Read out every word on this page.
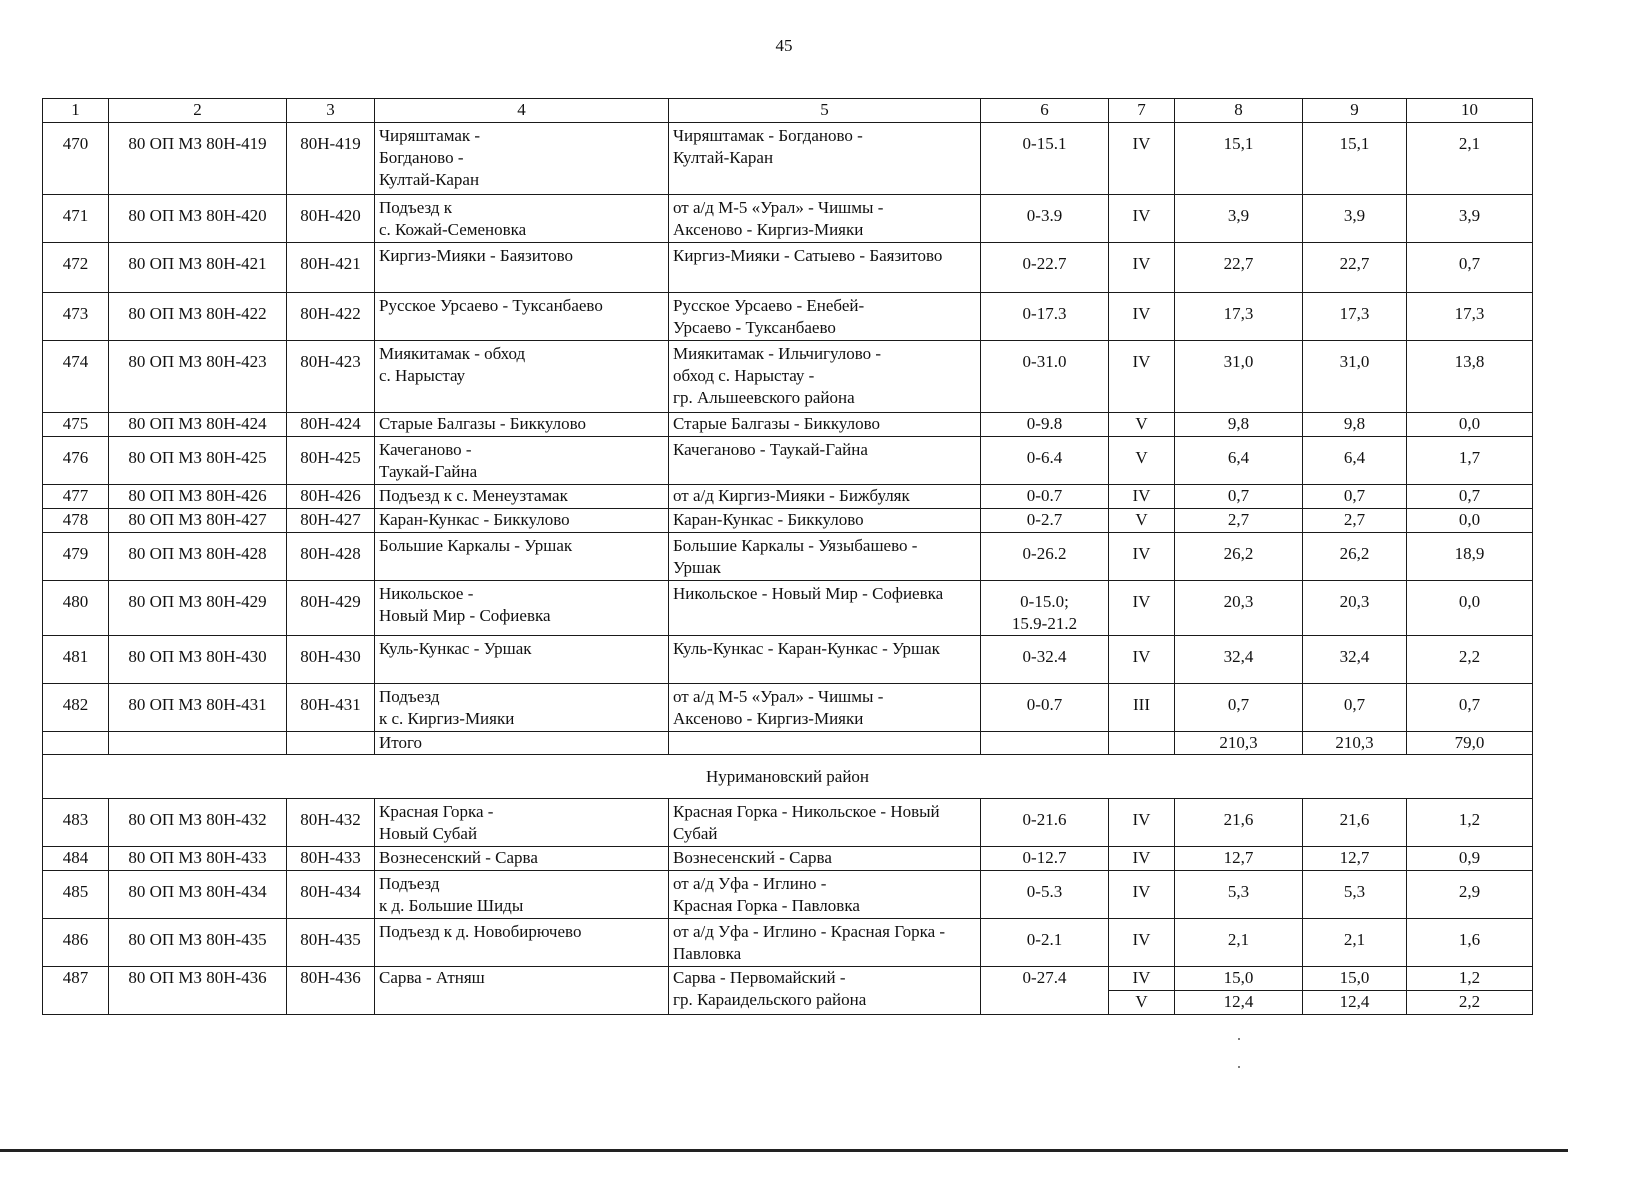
45
1	2	3	4	5	6	7	8	9	10

470	80 ОП МЗ 80Н-419	80Н-419	Чиряштамак -
Богданово -
Култай-Каран	Чиряштамак - Богданово -
Култай-Каран	0-15.1	IV	15,1	15,1	2,1

471	80 ОП МЗ 80Н-420	80Н-420	Подъезд к
с. Кожай-Семеновка	от а/д М-5 «Урал» - Чишмы -
Аксеново - Киргиз-Мияки	0-3.9	IV	3,9	3,9	3,9

472	80 ОП МЗ 80Н-421	80Н-421	Киргиз-Мияки - Баязитово	Киргиз-Мияки - Сатыево - Баязитово	0-22.7	IV	22,7	22,7	0,7

473	80 ОП МЗ 80Н-422	80Н-422	Русское Урсаево - Туксанбаево	Русское Урсаево - Енебей-
Урсаево - Туксанбаево	0-17.3	IV	17,3	17,3	17,3

474	80 ОП МЗ 80Н-423	80Н-423	Миякитамак - обход
с. Нарыстау	Миякитамак - Ильчигулово -
обход с. Нарыстау -
гр. Альшеевского района	0-31.0	IV	31,0	31,0	13,8

475	80 ОП МЗ 80Н-424	80Н-424	Старые Балгазы - Биккулово	Старые Балгазы - Биккулово	0-9.8	V	9,8	9,8	0,0

476	80 ОП МЗ 80Н-425	80Н-425	Качеганово -
Таукай-Гайна	Качеганово - Таукай-Гайна	0-6.4	V	6,4	6,4	1,7

477	80 ОП МЗ 80Н-426	80Н-426	Подъезд к с. Менеузтамак	от а/д Киргиз-Мияки - Бижбуляк	0-0.7	IV	0,7	0,7	0,7

478	80 ОП МЗ 80Н-427	80Н-427	Каран-Кункас - Биккулово	Каран-Кункас - Биккулово	0-2.7	V	2,7	2,7	0,0

479	80 ОП МЗ 80Н-428	80Н-428	Большие Каркалы - Уршак	Большие Каркалы - Уязыбашево -
Уршак	0-26.2	IV	26,2	26,2	18,9

480	80 ОП МЗ 80Н-429	80Н-429	Никольское -
Новый Мир - Софиевка	Никольское - Новый Мир - Софиевка	0-15.0;
15.9-21.2	IV	20,3	20,3	0,0

481	80 ОП МЗ 80Н-430	80Н-430	Куль-Кункас - Уршак	Куль-Кункас - Каран-Кункас - Уршак	0-32.4	IV	32,4	32,4	2,2

482	80 ОП МЗ 80Н-431	80Н-431	Подъезд
к с. Киргиз-Мияки	от а/д М-5 «Урал» - Чишмы -
Аксеново - Киргиз-Мияки	0-0.7	III	0,7	0,7	0,7

			Итого				210,3	210,3	79,0

Нуримановский район									

483	80 ОП МЗ 80Н-432	80Н-432	Красная Горка -
Новый Субай	Красная Горка - Никольское - Новый
Субай	0-21.6	IV	21,6	21,6	1,2

484	80 ОП МЗ 80Н-433	80Н-433	Вознесенский - Сарва	Вознесенский - Сарва	0-12.7	IV	12,7	12,7	0,9

485	80 ОП МЗ 80Н-434	80Н-434	Подъезд
к д. Большие Шиды	от а/д Уфа - Иглино -
Красная Горка - Павловка	0-5.3	IV	5,3	5,3	2,9

486	80 ОП МЗ 80Н-435	80Н-435	Подъезд к д. Новобирючево	от а/д Уфа - Иглино - Красная Горка -
Павловка	0-2.1	IV	2,1	2,1	1,6

487	80 ОП МЗ 80Н-436	80Н-436	Сарва - Атняш	Сарва - Первомайский -
гр. Караидельского района	0-27.4	IV	15,0	15,0	1,2

						V	12,4	12,4	2,2
